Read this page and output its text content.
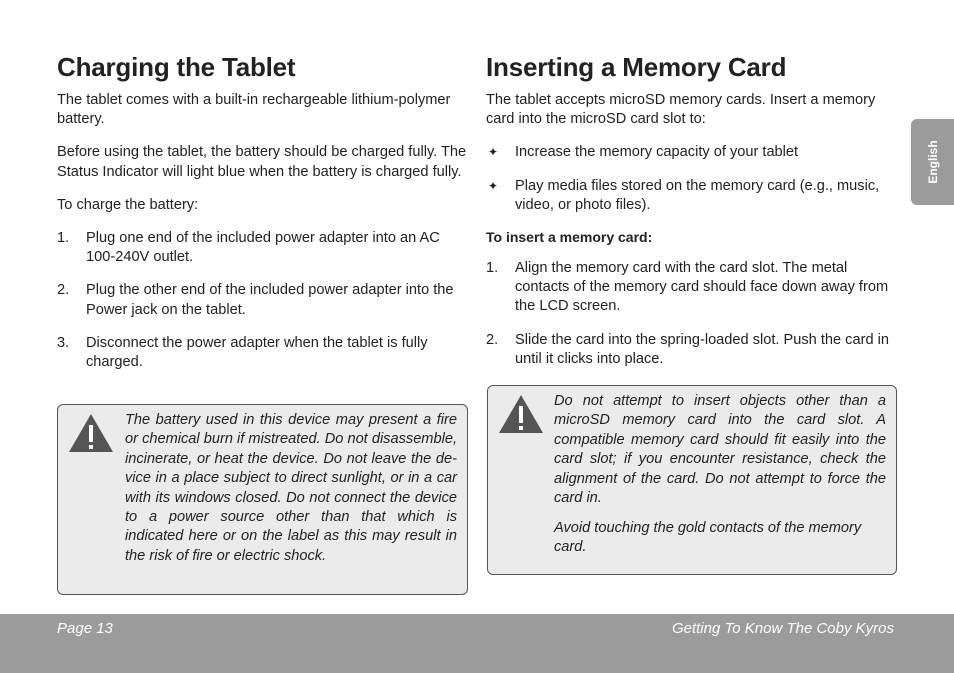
Charging the Tablet

The tablet comes with a built-in rechargeable lithium-polymer battery.

Before using the tablet, the battery should be charged fully. The Status Indicator will light blue when the battery is charged fully.

To charge the battery:

1. Plug one end of the included power adapter into an AC 100-240V outlet.
2. Plug the other end of the included power adapter into the Power jack on the tablet.
3. Disconnect the power adapter when the tablet is fully charged.
The battery used in this device may present a fire or chemical burn if mistreated. Do not disassemble, incinerate, or heat the device. Do not leave the de-vice in a place subject to direct sunlight, or in a car with its windows closed. Do not connect the device to a power source other than that which is indicated here or on the label as this may result in the risk of fire or electric shock.
Inserting a Memory Card

The tablet accepts microSD memory cards. Insert a memory card into the microSD card slot to:

✦ Increase the memory capacity of your tablet
✦ Play media files stored on the memory card (e.g., music, video, or photo files).
To insert a memory card:
1. Align the memory card with the card slot. The metal contacts of the memory card should face down away from the LCD screen.
2. Slide the card into the spring-loaded slot. Push the card in until it clicks into place.
Do not attempt to insert objects other than a microSD memory card into the card slot. A compatible memory card should fit easily into the card slot; if you encounter resistance, check the alignment of the card. Do not attempt to force the card in.
Avoid touching the gold contacts of the memory card.
English
Page 13	Getting To Know The Coby Kyros
